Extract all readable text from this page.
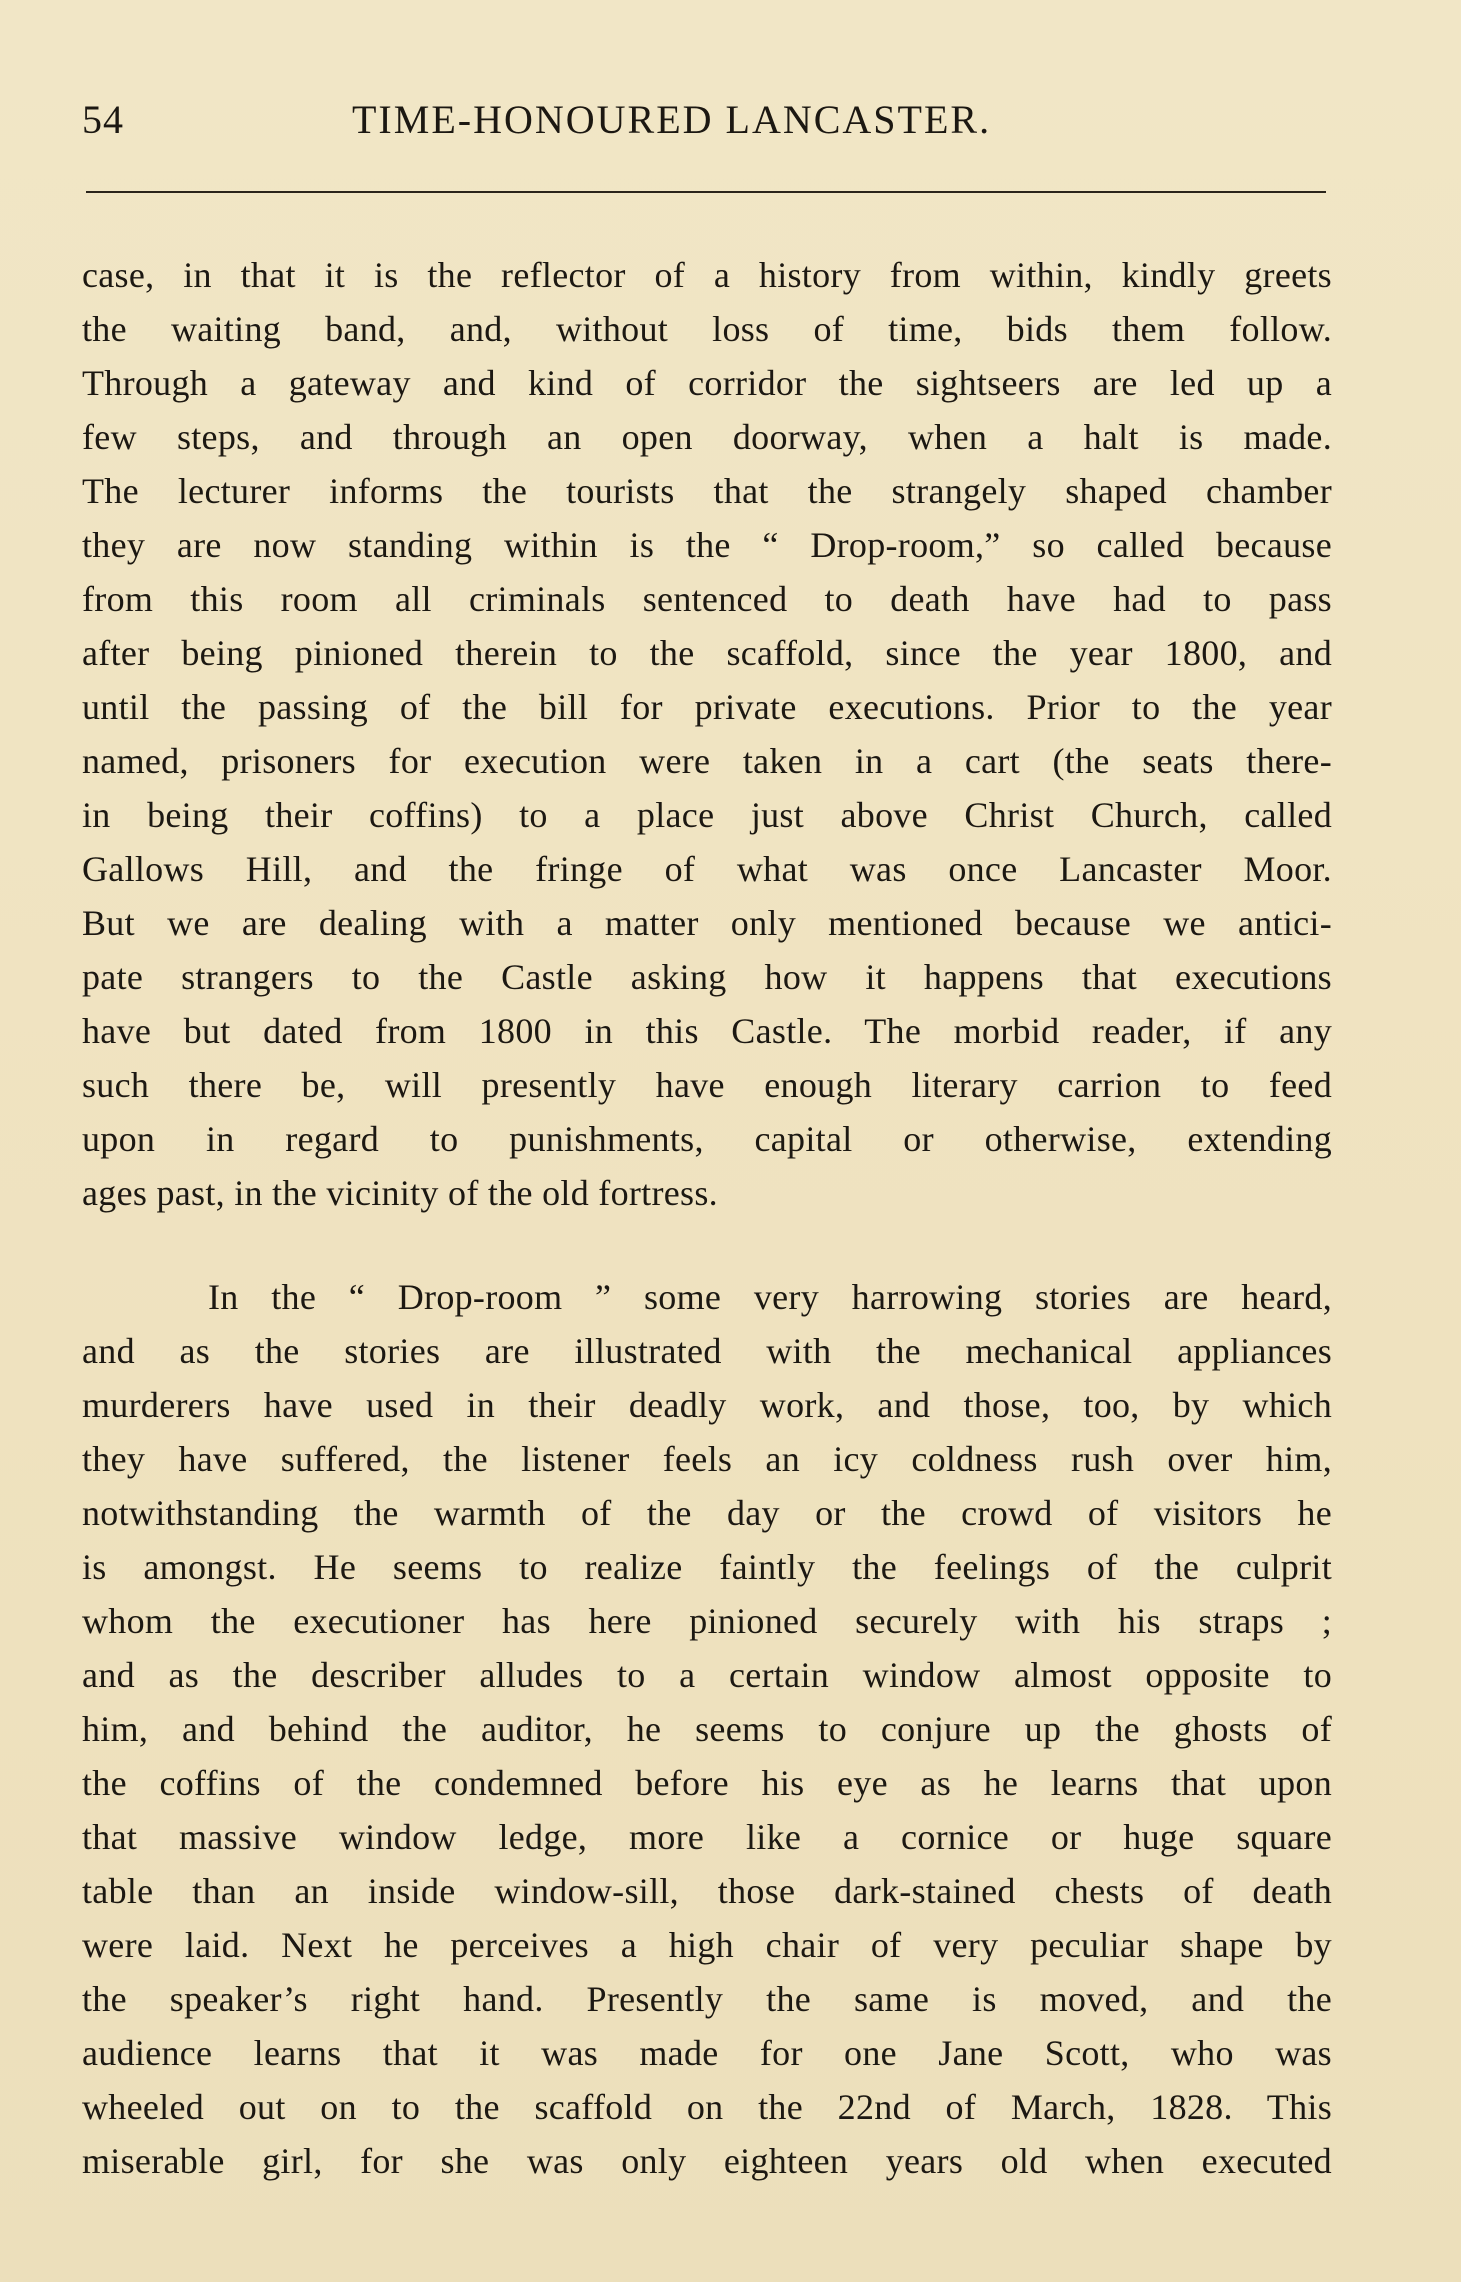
54	TIME-HONOURED LANCASTER.
case, in that it is the reflector of a history from within, kindly greets
the waiting band, and, without loss of time, bids them follow.
Through a gateway and kind of corridor the sightseers are led up a
few steps, and through an open doorway, when a halt is made.
The lecturer informs the tourists that the strangely shaped chamber
they are now standing within is the “ Drop-room,” so called because
from this room all criminals sentenced to death have had to pass
after being pinioned therein to the scaffold, since the year 1800, and
until the passing of the bill for private executions. Prior to the year
named, prisoners for execution were taken in a cart (the seats there-
in being their coffins) to a place just above Christ Church, called
Gallows Hill, and the fringe of what was once Lancaster Moor.
But we are dealing with a matter only mentioned because we antici-
pate strangers to the Castle asking how it happens that executions
have but dated from 1800 in this Castle. The morbid reader, if any
such there be, will presently have enough literary carrion to feed
upon in regard to punishments, capital or otherwise, extending
ages past, in the vicinity of the old fortress.
In the “ Drop-room ” some very harrowing stories are heard,
and as the stories are illustrated with the mechanical appliances
murderers have used in their deadly work, and those, too, by which
they have suffered, the listener feels an icy coldness rush over him,
notwithstanding the warmth of the day or the crowd of visitors he
is amongst. He seems to realize faintly the feelings of the culprit
whom the executioner has here pinioned securely with his straps ;
and as the describer alludes to a certain window almost opposite to
him, and behind the auditor, he seems to conjure up the ghosts of
the coffins of the condemned before his eye as he learns that upon
that massive window ledge, more like a cornice or huge square
table than an inside window-sill, those dark-stained chests of death
were laid. Next he perceives a high chair of very peculiar shape by
the speaker’s right hand. Presently the same is moved, and the
audience learns that it was made for one Jane Scott, who was
wheeled out on to the scaffold on the 22nd of March, 1828. This
miserable girl, for she was only eighteen years old when executed
